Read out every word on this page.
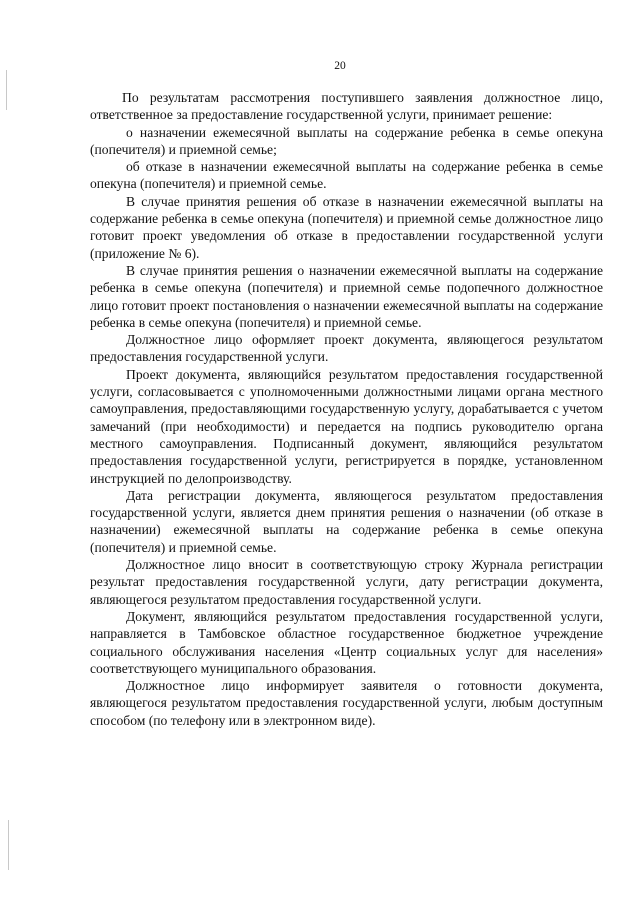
20

По результатам рассмотрения поступившего заявления должностное лицо, ответственное за предоставление государственной услуги, принимает решение:

о назначении ежемесячной выплаты на содержание ребенка в семье опекуна (попечителя) и приемной семье;

об отказе в назначении ежемесячной выплаты на содержание ребенка в семье опекуна (попечителя) и приемной семье.

В случае принятия решения об отказе в назначении ежемесячной выплаты на содержание ребенка в семье опекуна (попечителя) и приемной семье должностное лицо готовит проект уведомления об отказе в предоставлении государственной услуги (приложение № 6).

В случае принятия решения о назначении ежемесячной выплаты на содержание ребенка в семье опекуна (попечителя) и приемной семье подопечного должностное лицо готовит проект постановления о назначении ежемесячной выплаты на содержание ребенка в семье опекуна (попечителя) и приемной семье.

Должностное лицо оформляет проект документа, являющегося результатом предоставления государственной услуги.

Проект документа, являющийся результатом предоставления государственной услуги, согласовывается с уполномоченными должностными лицами органа местного самоуправления, предоставляющими государственную услугу, дорабатывается с учетом замечаний (при необходимости) и передается на подпись руководителю органа местного самоуправления. Подписанный документ, являющийся результатом предоставления государственной услуги, регистрируется в порядке, установленном инструкцией по делопроизводству.

Дата регистрации документа, являющегося результатом предоставления государственной услуги, является днем принятия решения о назначении (об отказе в назначении) ежемесячной выплаты на содержание ребенка в семье опекуна (попечителя) и приемной семье.

Должностное лицо вносит в соответствующую строку Журнала регистрации результат предоставления государственной услуги, дату регистрации документа, являющегося результатом предоставления государственной услуги.

Документ, являющийся результатом предоставления государственной услуги, направляется в Тамбовское областное государственное бюджетное учреждение социального обслуживания населения «Центр социальных услуг для населения» соответствующего муниципального образования.

Должностное лицо информирует заявителя о готовности документа, являющегося результатом предоставления государственной услуги, любым доступным способом (по телефону или в электронном виде).
